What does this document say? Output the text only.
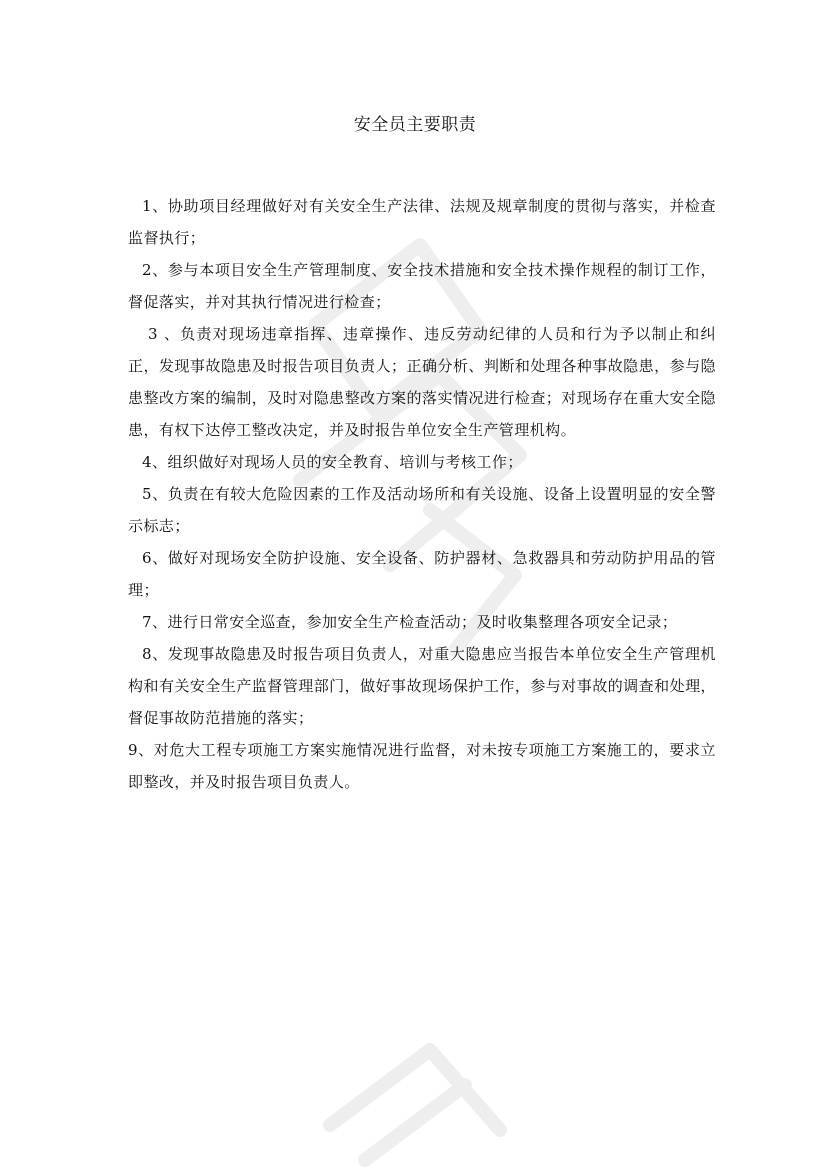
安全员主要职责

1、协助项目经理做好对有关安全生产法律、法规及规章制度的贯彻与落实，并检查监督执行；

2、参与本项目安全生产管理制度、安全技术措施和安全技术操作规程的制订工作，督促落实，并对其执行情况进行检查；

3 、负责对现场违章指挥、违章操作、违反劳动纪律的人员和行为予以制止和纠正，发现事故隐患及时报告项目负责人；正确分析、判断和处理各种事故隐患，参与隐患整改方案的编制，及时对隐患整改方案的落实情况进行检查；对现场存在重大安全隐患，有权下达停工整改决定，并及时报告单位安全生产管理机构。

4、组织做好对现场人员的安全教育、培训与考核工作；

5、负责在有较大危险因素的工作及活动场所和有关设施、设备上设置明显的安全警示标志；

6、做好对现场安全防护设施、安全设备、防护器材、急救器具和劳动防护用品的管理；

7、进行日常安全巡查，参加安全生产检查活动；及时收集整理各项安全记录；

8、发现事故隐患及时报告项目负责人，对重大隐患应当报告本单位安全生产管理机构和有关安全生产监督管理部门，做好事故现场保护工作，参与对事故的调查和处理，督促事故防范措施的落实；

9、对危大工程专项施工方案实施情况进行监督，对未按专项施工方案施工的，要求立即整改，并及时报告项目负责人。
